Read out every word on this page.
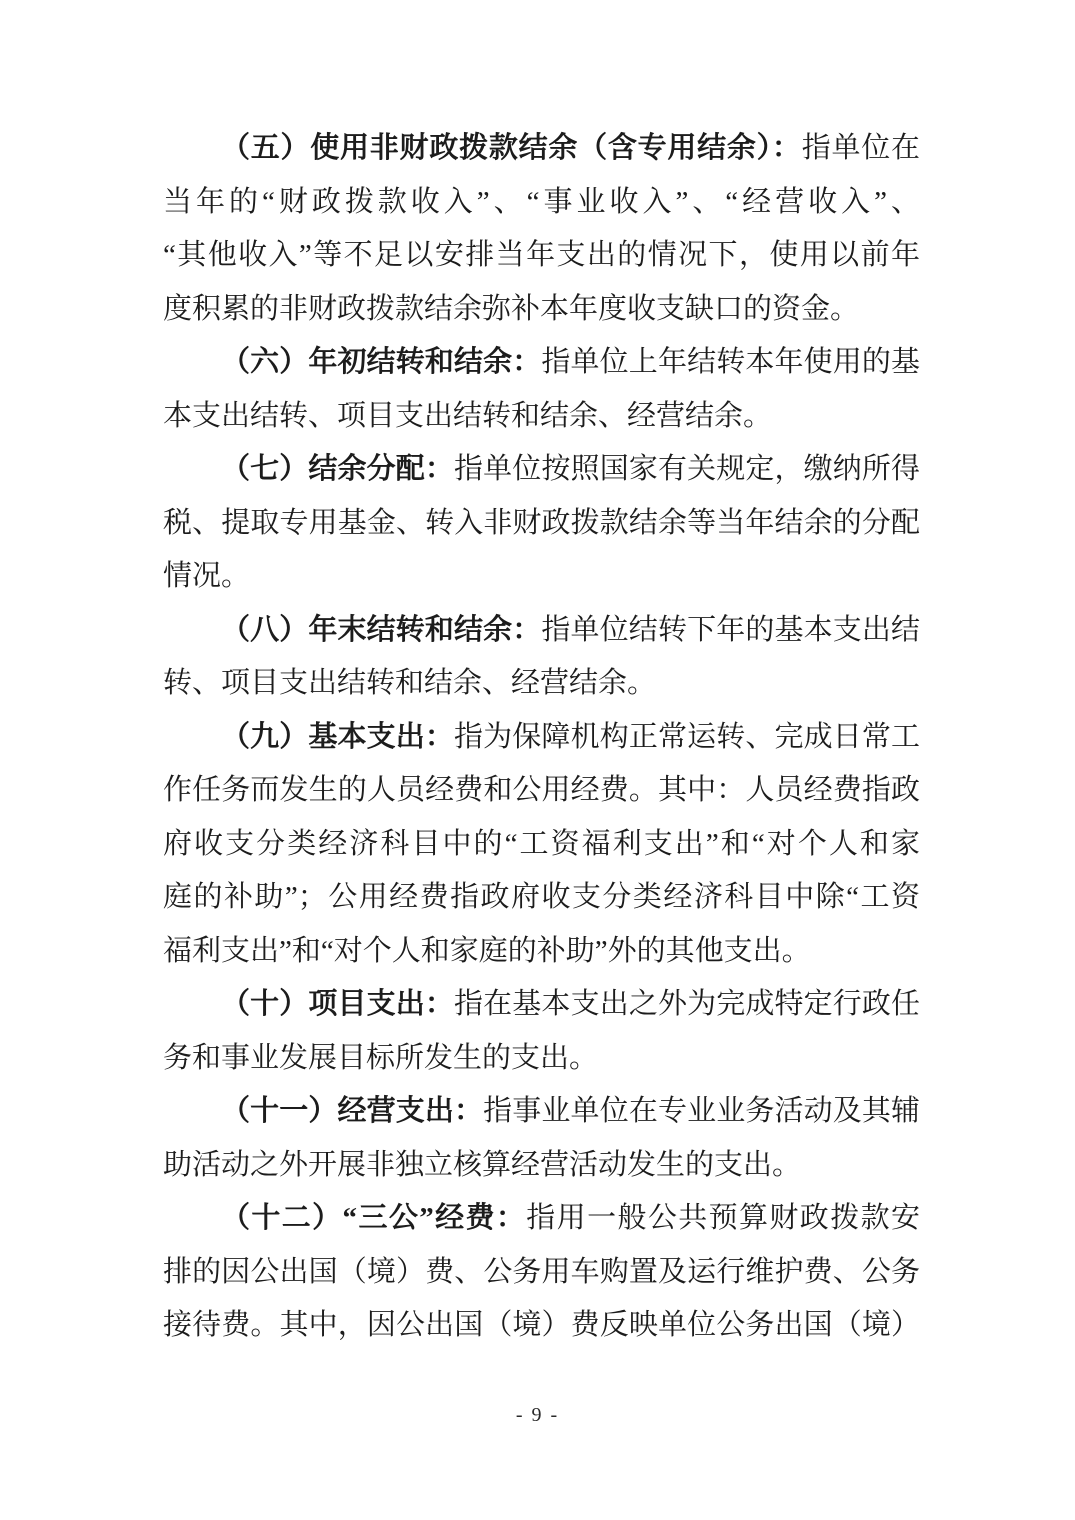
（五）使用非财政拨款结余（含专用结余）：指单位在
当年的“财政拨款收入”、“事业收入”、“经营收入”、
“其他收入”等不足以安排当年支出的情况下，使用以前年
度积累的非财政拨款结余弥补本年度收支缺口的资金。
（六）年初结转和结余：指单位上年结转本年使用的基
本支出结转、项目支出结转和结余、经营结余。
（七）结余分配：指单位按照国家有关规定，缴纳所得
税、提取专用基金、转入非财政拨款结余等当年结余的分配
情况。
（八）年末结转和结余：指单位结转下年的基本支出结
转、项目支出结转和结余、经营结余。
（九）基本支出：指为保障机构正常运转、完成日常工
作任务而发生的人员经费和公用经费。其中：人员经费指政
府收支分类经济科目中的“工资福利支出”和“对个人和家
庭的补助”；公用经费指政府收支分类经济科目中除“工资
福利支出”和“对个人和家庭的补助”外的其他支出。
（十）项目支出：指在基本支出之外为完成特定行政任
务和事业发展目标所发生的支出。
（十一）经营支出：指事业单位在专业业务活动及其辅
助活动之外开展非独立核算经营活动发生的支出。
（十二）“三公”经费：指用一般公共预算财政拨款安
排的因公出国（境）费、公务用车购置及运行维护费、公务
接待费。其中，因公出国（境）费反映单位公务出国（境）
- 9 -
